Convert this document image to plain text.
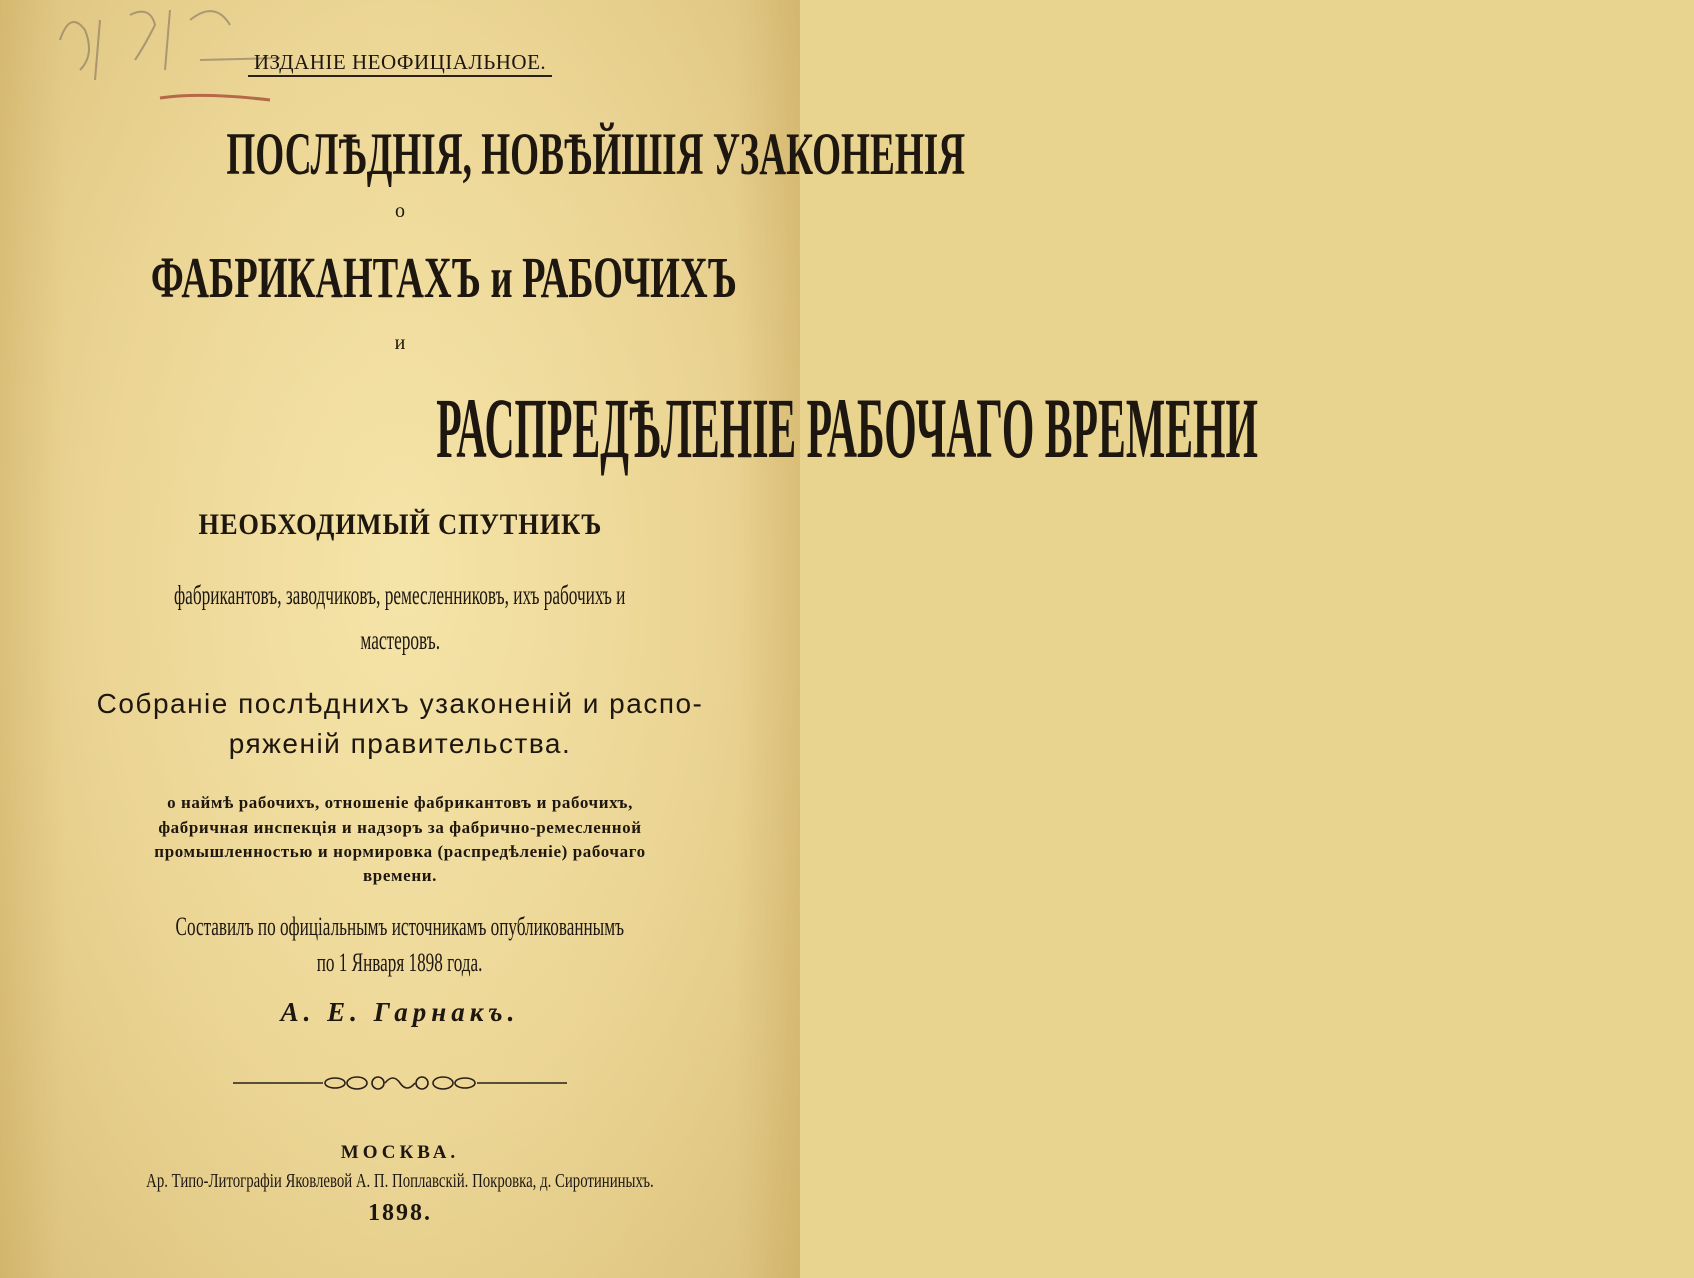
ИЗДАНIЕ НЕОФИЦIАЛЬНОЕ.
ПОСЛѢДНIЯ, НОВѢЙШIЯ УЗАКОНЕНIЯ
о
ФАБРИКАНТАХЪ и РАБОЧИХЪ
и
РАСПРЕДѢЛЕНIЕ РАБОЧАГО ВРЕМЕНИ
НЕОБХОДИМЫЙ СПУТНИКЪ
фабрикантовъ, заводчиковъ, ремесленниковъ, ихъ рабочихъ и
мастеровъ.
Собранiе послѣднихъ узаконенiй и распо-
ряженiй правительства.
о наймѣ рабочихъ, отношенiе фабрикантовъ и рабочихъ,
фабричная инспекцiя и надзоръ за фабрично-ремесленной
промышленностью и нормировка (распредѣленiе) рабочаго
времени.
Составилъ по офицiальнымъ источникамъ опубликованнымъ
по 1 Января 1898 года.
А. Е. Гарнакъ.
МОСКВА.
Ар. Типо-Литографiи Яковлевой А. П. Поплавскiй. Покровка, д. Сиротининыхъ.
1898.
